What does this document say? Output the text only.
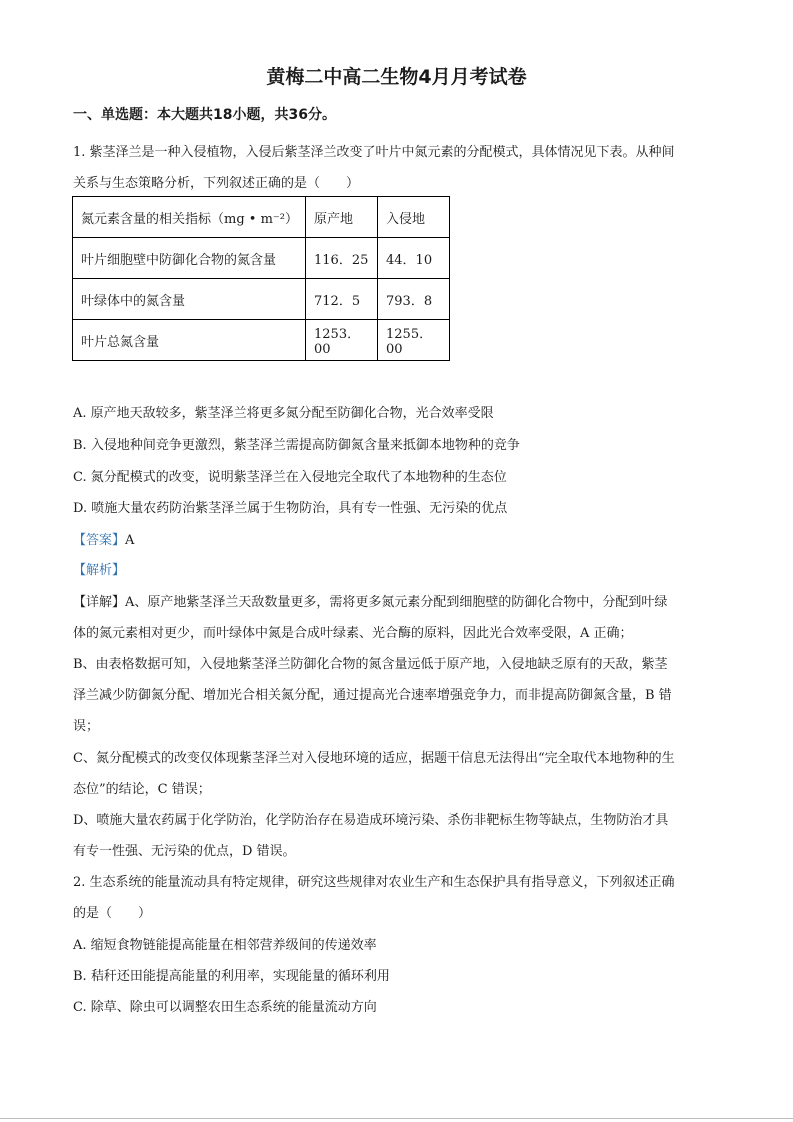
黄梅二中高二生物4月月考试卷
一、单选题：本大题共18小题，共36分。
1. 紫茎泽兰是一种入侵植物，入侵后紫茎泽兰改变了叶片中氮元素的分配模式，具体情况见下表。从种间
关系与生态策略分析，下列叙述正确的是（　　）
氮元素含量的相关指标（mg • m⁻²）	原产地	入侵地
叶片细胞壁中防御化合物的氮含量	116．25	44．10
叶绿体中的氮含量	712．5	793．8
叶片总氮含量	1253．00	1255．00
A. 原产地天敌较多，紫茎泽兰将更多氮分配至防御化合物，光合效率受限
B. 入侵地种间竞争更激烈，紫茎泽兰需提高防御氮含量来抵御本地物种的竞争
C. 氮分配模式的改变，说明紫茎泽兰在入侵地完全取代了本地物种的生态位
D. 喷施大量农药防治紫茎泽兰属于生物防治，具有专一性强、无污染的优点
【答案】A
【解析】
【详解】A、原产地紫茎泽兰天敌数量更多，需将更多氮元素分配到细胞壁的防御化合物中，分配到叶绿
体的氮元素相对更少，而叶绿体中氮是合成叶绿素、光合酶的原料，因此光合效率受限，A 正确；
B、由表格数据可知，入侵地紫茎泽兰防御化合物的氮含量远低于原产地，入侵地缺乏原有的天敌，紫茎
泽兰减少防御氮分配、增加光合相关氮分配，通过提高光合速率增强竞争力，而非提高防御氮含量，B 错
误；
C、氮分配模式的改变仅体现紫茎泽兰对入侵地环境的适应，据题干信息无法得出“完全取代本地物种的生
态位”的结论，C 错误；
D、喷施大量农药属于化学防治，化学防治存在易造成环境污染、杀伤非靶标生物等缺点，生物防治才具
有专一性强、无污染的优点，D 错误。
2. 生态系统的能量流动具有特定规律，研究这些规律对农业生产和生态保护具有指导意义，下列叙述正确
的是（　　）
A. 缩短食物链能提高能量在相邻营养级间的传递效率
B. 秸秆还田能提高能量的利用率，实现能量的循环利用
C. 除草、除虫可以调整农田生态系统的能量流动方向
